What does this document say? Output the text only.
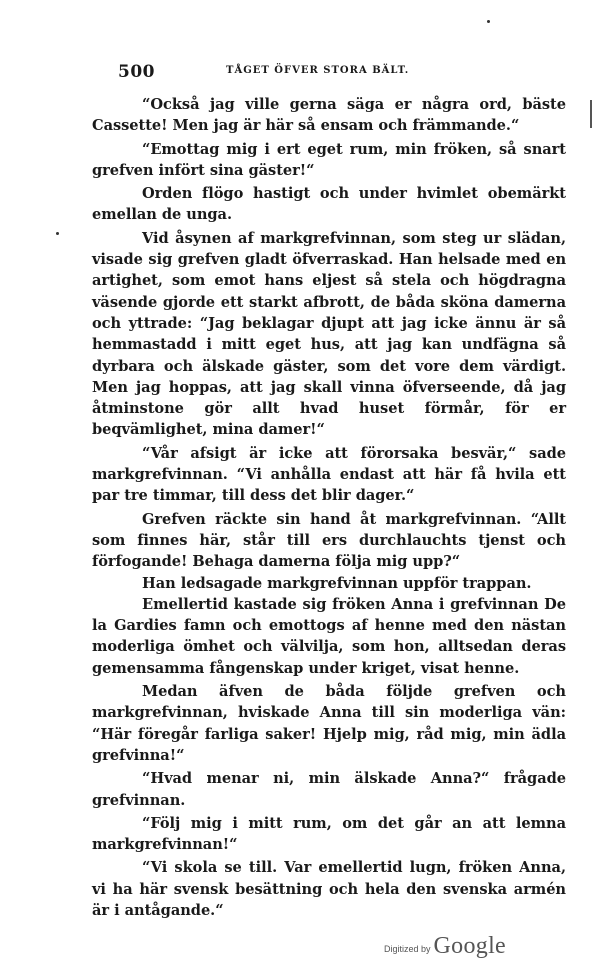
500	TÅGET ÖFVER STORA BÄLT.

“Också jag ville gerna säga er några ord, bäste Cassette! Men jag är här så ensam och främmande.“

“Emottag mig i ert eget rum, min fröken, så snart grefven infört sina gäster!“

Orden flögo hastigt och under hvimlet obemärkt emellan de unga.

Vid åsynen af markgrefvinnan, som steg ur slädan, visade sig grefven gladt öfverraskad. Han helsade med en artighet, som emot hans eljest så stela och högdragna väsende gjorde ett starkt afbrott, de båda sköna damerna och yttrade: “Jag beklagar djupt att jag icke ännu är så hemmastadd i mitt eget hus, att jag kan undfägna så dyrbara och älskade gäster, som det vore dem värdigt. Men jag hoppas, att jag skall vinna öfverseende, då jag åtminstone gör allt hvad huset förmår, för er beqvämlighet, mina damer!“

“Vår afsigt är icke att förorsaka besvär,“ sade markgrefvinnan. “Vi anhålla endast att här få hvila ett par tre timmar, till dess det blir dager.“

Grefven räckte sin hand åt markgrefvinnan. “Allt som finnes här, står till ers durchlauchts tjenst och förfogande! Behaga damerna följa mig upp?“

Han ledsagade markgrefvinnan uppför trappan.

Emellertid kastade sig fröken Anna i grefvinnan De la Gardies famn och emottogs af henne med den nästan moderliga ömhet och välvilja, som hon, alltsedan deras gemensamma fångenskap under kriget, visat henne.

Medan äfven de båda följde grefven och markgrefvinnan, hviskade Anna till sin moderliga vän: “Här föregår farliga saker! Hjelp mig, råd mig, min ädla grefvinna!“

“Hvad menar ni, min älskade Anna?“ frågade grefvinnan.

“Följ mig i mitt rum, om det går an att lemna markgrefvinnan!“

“Vi skola se till. Var emellertid lugn, fröken Anna, vi ha här svensk besättning och hela den svenska armén är i antågande.“

Digitized by Google
